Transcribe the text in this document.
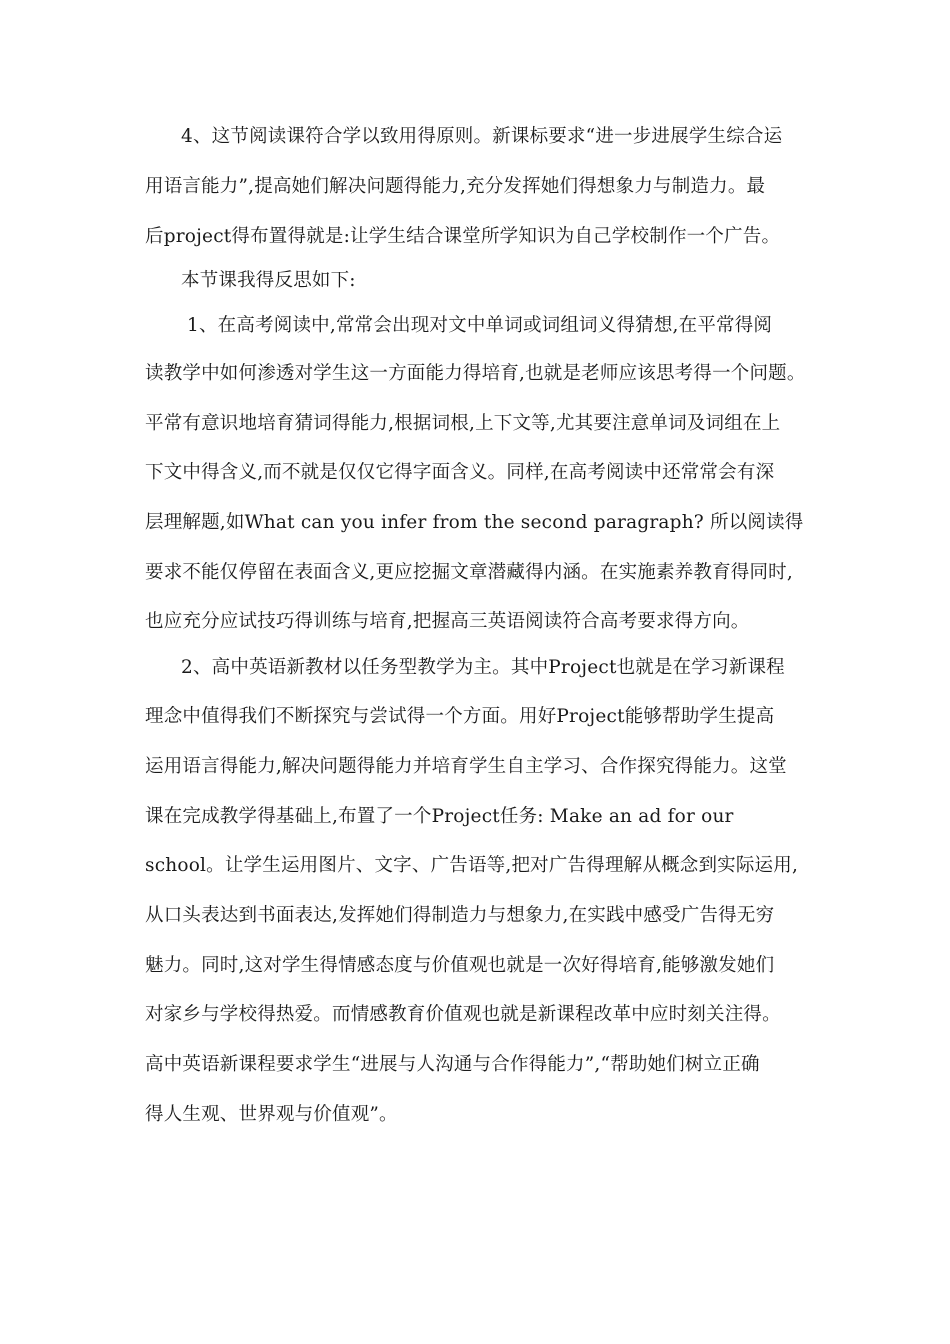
4、这节阅读课符合学以致用得原则。新课标要求“进一步进展学生综合运
用语言能力”,提高她们解决问题得能力,充分发挥她们得想象力与制造力。最
后project得布置得就是:让学生结合课堂所学知识为自己学校制作一个广告。
本节课我得反思如下:
1、在高考阅读中,常常会出现对文中单词或词组词义得猜想,在平常得阅
读教学中如何渗透对学生这一方面能力得培育,也就是老师应该思考得一个问题。
平常有意识地培育猜词得能力,根据词根,上下文等,尤其要注意单词及词组在上
下文中得含义,而不就是仅仅它得字面含义。同样,在高考阅读中还常常会有深
层理解题,如What can you infer from the second paragraph? 所以阅读得
要求不能仅停留在表面含义,更应挖掘文章潜藏得内涵。在实施素养教育得同时,
也应充分应试技巧得训练与培育,把握高三英语阅读符合高考要求得方向。
2、高中英语新教材以任务型教学为主。其中Project也就是在学习新课程
理念中值得我们不断探究与尝试得一个方面。用好Project能够帮助学生提高
运用语言得能力,解决问题得能力并培育学生自主学习、合作探究得能力。这堂
课在完成教学得基础上,布置了一个Project任务: Make an ad for our
school。让学生运用图片、文字、广告语等,把对广告得理解从概念到实际运用,
从口头表达到书面表达,发挥她们得制造力与想象力,在实践中感受广告得无穷
魅力。同时,这对学生得情感态度与价值观也就是一次好得培育,能够激发她们
对家乡与学校得热爱。而情感教育价值观也就是新课程改革中应时刻关注得。
高中英语新课程要求学生“进展与人沟通与合作得能力”,“帮助她们树立正确
得人生观、世界观与价值观”。
